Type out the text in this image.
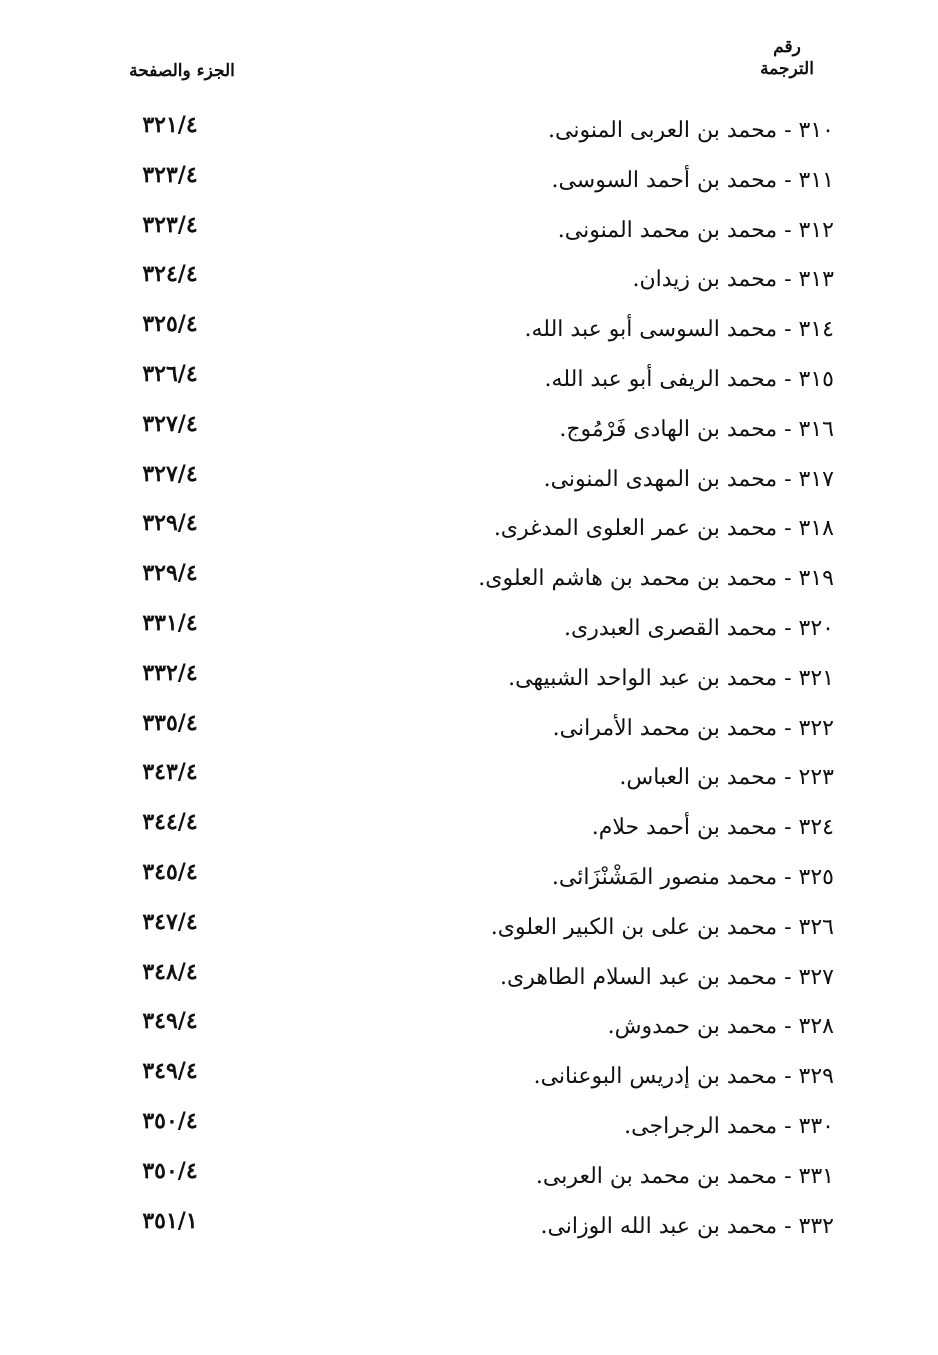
رقم
الترجمة
الجزء والصفحة
٣١٠ - محمد بن العربى المنونى.
٣٢١/٤
٣١١ - محمد بن أحمد السوسى.
٣٢٣/٤
٣١٢ - محمد بن محمد المنونى.
٣٢٣/٤
٣١٣ - محمد بن زيدان.
٣٢٤/٤
٣١٤ - محمد السوسى أبو عبد الله.
٣٢٥/٤
٣١٥ - محمد الريفى أبو عبد الله.
٣٢٦/٤
٣١٦ - محمد بن الهادى فَرْمُوج.
٣٢٧/٤
٣١٧ - محمد بن المهدى المنونى.
٣٢٧/٤
٣١٨ - محمد بن عمر العلوى المدغرى.
٣٢٩/٤
٣١٩ - محمد بن محمد بن هاشم العلوى.
٣٢٩/٤
٣٢٠ - محمد القصرى العبدرى.
٣٣١/٤
٣٢١ - محمد بن عبد الواحد الشبيهى.
٣٣٢/٤
٣٢٢ - محمد بن محمد الأمرانى.
٣٣٥/٤
٢٢٣ - محمد بن العباس.
٣٤٣/٤
٣٢٤ - محمد بن أحمد حلام.
٣٤٤/٤
٣٢٥ - محمد منصور المَشْنْزَائى.
٣٤٥/٤
٣٢٦ - محمد بن على بن الكبير العلوى.
٣٤٧/٤
٣٢٧ - محمد بن عبد السلام الطاهرى.
٣٤٨/٤
٣٢٨ - محمد بن حمدوش.
٣٤٩/٤
٣٢٩ - محمد بن إدريس البوعنانى.
٣٤٩/٤
٣٣٠ - محمد الرجراجى.
٣٥٠/٤
٣٣١ - محمد بن محمد بن العربى.
٣٥٠/٤
٣٣٢ - محمد بن عبد الله الوزانى.
٣٥١/١
